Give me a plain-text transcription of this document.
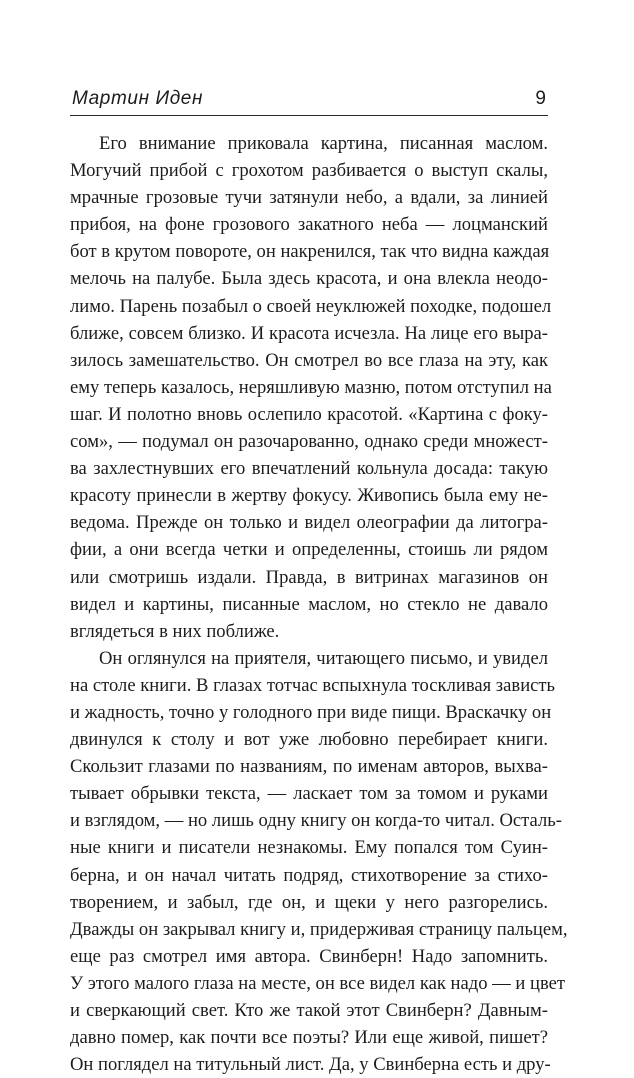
Мартин Иден	9
Его внимание приковала картина, писанная маслом.
Могучий прибой с грохотом разбивается о выступ скалы,
мрачные грозовые тучи затянули небо, а вдали, за линией
прибоя, на фоне грозового закатного неба — лоцманский
бот в крутом повороте, он накренился, так что видна каждая
мелочь на палубе. Была здесь красота, и она влекла неодо-
лимо. Парень позабыл о своей неуклюжей походке, подошел
ближе, совсем близко. И красота исчезла. На лице его выра-
зилось замешательство. Он смотрел во все глаза на эту, как
ему теперь казалось, неряшливую мазню, потом отступил на
шаг. И полотно вновь ослепило красотой. «Картина с фоку-
сом», — подумал он разочарованно, однако среди множест-
ва захлестнувших его впечатлений кольнула досада: такую
красоту принесли в жертву фокусу. Живопись была ему не-
ведома. Прежде он только и видел олеографии да литогра-
фии, а они всегда четки и определенны, стоишь ли рядом
или смотришь издали. Правда, в витринах магазинов он
видел и картины, писанные маслом, но стекло не давало
вглядеться в них поближе.
Он оглянулся на приятеля, читающего письмо, и увидел
на столе книги. В глазах тотчас вспыхнула тоскливая зависть
и жадность, точно у голодного при виде пищи. Враскачку он
двинулся к столу и вот уже любовно перебирает книги.
Скользит глазами по названиям, по именам авторов, выхва-
тывает обрывки текста, — ласкает том за томом и руками
и взглядом, — но лишь одну книгу он когда-то читал. Осталь-
ные книги и писатели незнакомы. Ему попался том Суин-
берна, и он начал читать подряд, стихотворение за стихо-
творением, и забыл, где он, и щеки у него разгорелись.
Дважды он закрывал книгу и, придерживая страницу пальцем,
еще раз смотрел имя автора. Свинберн! Надо запомнить.
У этого малого глаза на месте, он все видел как надо — и цвет
и сверкающий свет. Кто же такой этот Свинберн? Давным-
давно помер, как почти все поэты? Или еще живой, пишет?
Он поглядел на титульный лист. Да, у Свинберна есть и дру-
